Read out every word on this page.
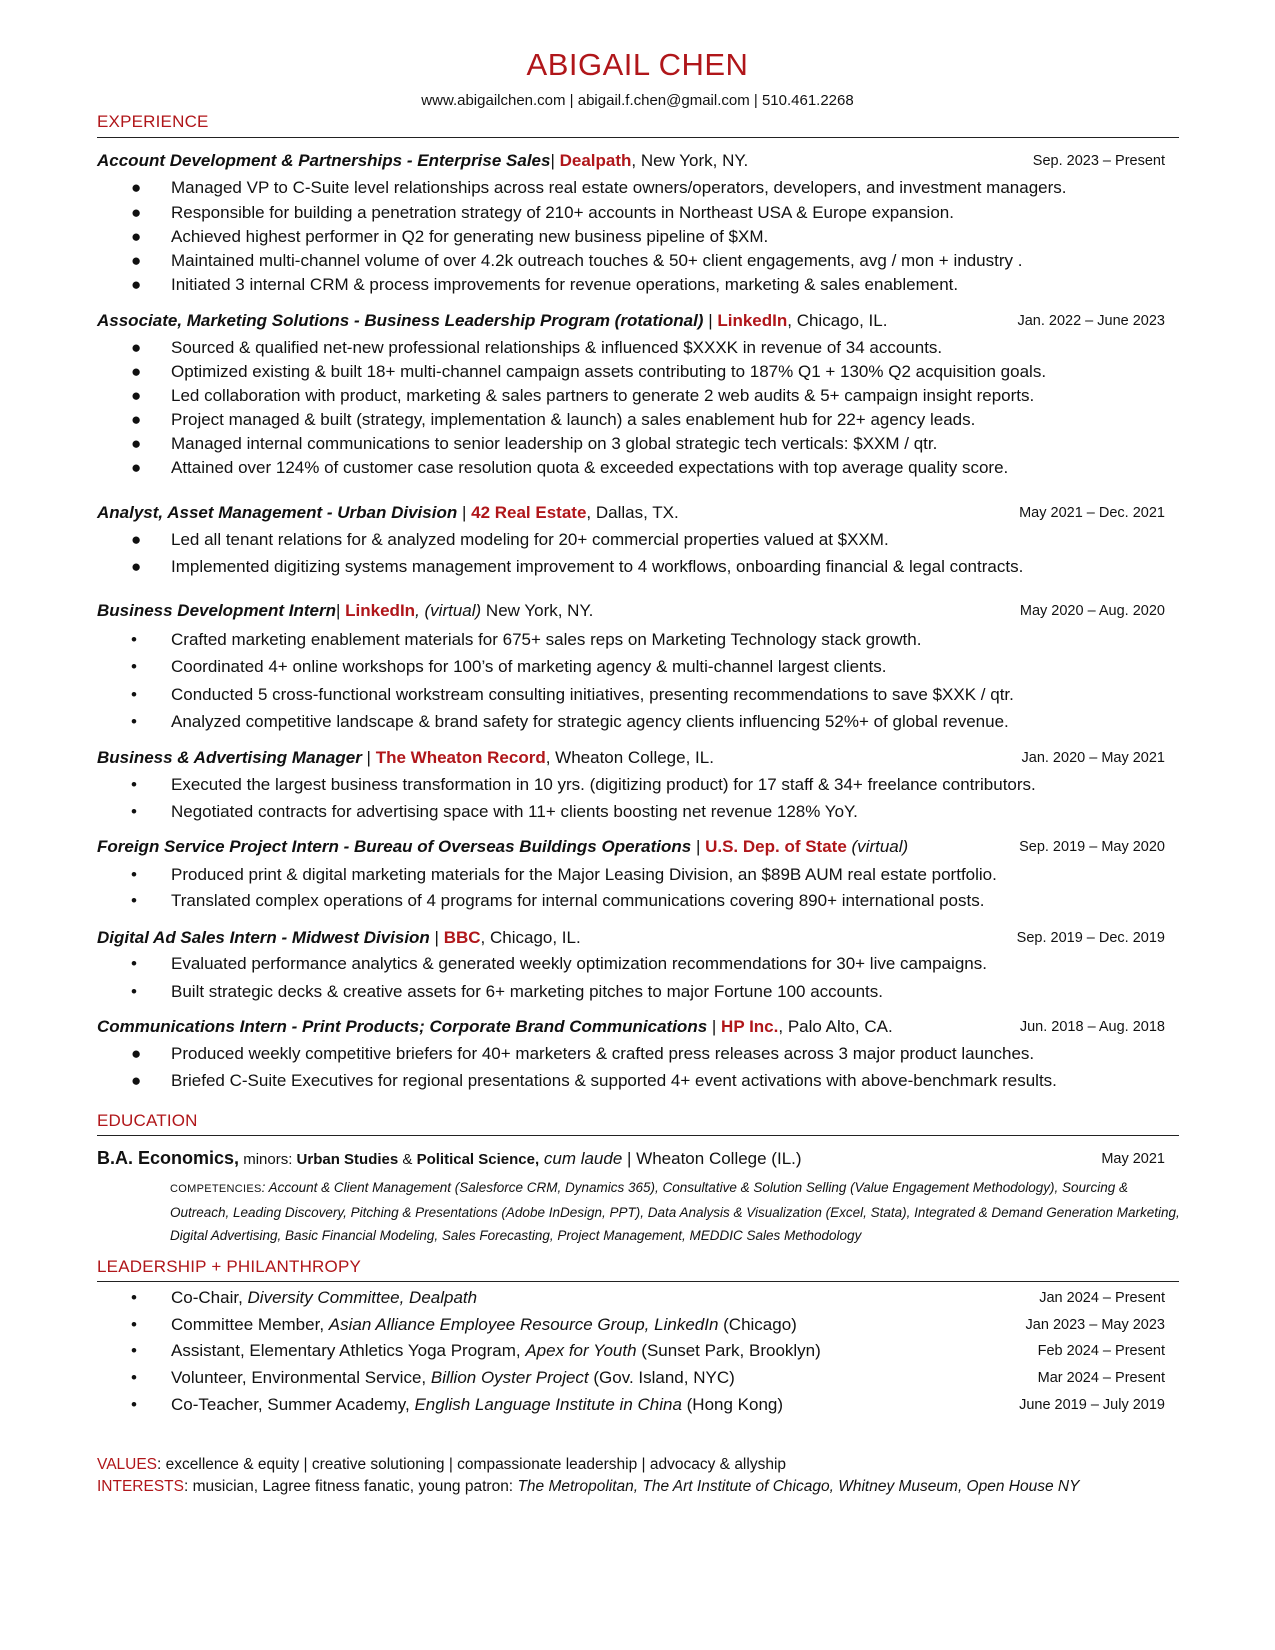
ABIGAIL CHEN
www.abigailchen.com | abigail.f.chen@gmail.com | 510.461.2268
EXPERIENCE
Account Development & Partnerships - Enterprise Sales| Dealpath, New York, NY.	Sep. 2023 – Present
● Managed VP to C-Suite level relationships across real estate owners/operators, developers, and investment managers.
● Responsible for building a penetration strategy of 210+ accounts in Northeast USA & Europe expansion.
● Achieved highest performer in Q2 for generating new business pipeline of $XM.
● Maintained multi-channel volume of over 4.2k outreach touches & 50+ client engagements, avg / mon + industry .
● Initiated 3 internal CRM & process improvements for revenue operations, marketing & sales enablement.
Associate, Marketing Solutions - Business Leadership Program (rotational) | LinkedIn, Chicago, IL.	Jan. 2022 – June 2023
● Sourced & qualified net-new professional relationships & influenced $XXXK in revenue of 34 accounts.
● Optimized existing & built 18+ multi-channel campaign assets contributing to 187% Q1 + 130% Q2 acquisition goals.
● Led collaboration with product, marketing & sales partners to generate 2 web audits & 5+ campaign insight reports.
● Project managed & built (strategy, implementation & launch) a sales enablement hub for 22+ agency leads.
● Managed internal communications to senior leadership on 3 global strategic tech verticals: $XXM / qtr.
● Attained over 124% of customer case resolution quota & exceeded expectations with top average quality score.
Analyst, Asset Management - Urban Division | 42 Real Estate, Dallas, TX.	May 2021 – Dec. 2021
● Led all tenant relations for & analyzed modeling for 20+ commercial properties valued at $XXM.
● Implemented digitizing systems management improvement to 4 workflows, onboarding financial & legal contracts.
Business Development Intern| LinkedIn, (virtual) New York, NY.	May 2020 – Aug. 2020
• Crafted marketing enablement materials for 675+ sales reps on Marketing Technology stack growth.
• Coordinated 4+ online workshops for 100’s of marketing agency & multi-channel largest clients.
• Conducted 5 cross-functional workstream consulting initiatives, presenting recommendations to save $XXK / qtr.
• Analyzed competitive landscape & brand safety for strategic agency clients influencing 52%+ of global revenue.
Business & Advertising Manager | The Wheaton Record, Wheaton College, IL.	Jan. 2020 – May 2021
• Executed the largest business transformation in 10 yrs. (digitizing product) for 17 staff & 34+ freelance contributors.
• Negotiated contracts for advertising space with 11+ clients boosting net revenue 128% YoY.
Foreign Service Project Intern - Bureau of Overseas Buildings Operations | U.S. Dep. of State (virtual)	Sep. 2019 – May 2020
• Produced print & digital marketing materials for the Major Leasing Division, an $89B AUM real estate portfolio.
• Translated complex operations of 4 programs for internal communications covering 890+ international posts.
Digital Ad Sales Intern - Midwest Division | BBC, Chicago, IL.	Sep. 2019 – Dec. 2019
• Evaluated performance analytics & generated weekly optimization recommendations for 30+ live campaigns.
• Built strategic decks & creative assets for 6+ marketing pitches to major Fortune 100 accounts.
Communications Intern - Print Products; Corporate Brand Communications | HP Inc., Palo Alto, CA.	Jun. 2018 – Aug. 2018
● Produced weekly competitive briefers for 40+ marketers & crafted press releases across 3 major product launches.
● Briefed C-Suite Executives for regional presentations & supported 4+ event activations with above-benchmark results.
EDUCATION
B.A. Economics, minors: Urban Studies & Political Science, cum laude | Wheaton College (IL.)	May 2021
COMPETENCIES: Account & Client Management (Salesforce CRM, Dynamics 365), Consultative & Solution Selling (Value Engagement Methodology), Sourcing & Outreach, Leading Discovery, Pitching & Presentations (Adobe InDesign, PPT), Data Analysis & Visualization (Excel, Stata), Integrated & Demand Generation Marketing, Digital Advertising, Basic Financial Modeling, Sales Forecasting, Project Management, MEDDIC Sales Methodology
LEADERSHIP + PHILANTHROPY
• Co-Chair, Diversity Committee, Dealpath	Jan 2024 – Present
• Committee Member, Asian Alliance Employee Resource Group, LinkedIn (Chicago)	Jan 2023 – May 2023
• Assistant, Elementary Athletics Yoga Program, Apex for Youth (Sunset Park, Brooklyn)	Feb 2024 – Present
• Volunteer, Environmental Service, Billion Oyster Project (Gov. Island, NYC)	Mar 2024 – Present
• Co-Teacher, Summer Academy, English Language Institute in China (Hong Kong)	June 2019 – July 2019
VALUES: excellence & equity | creative solutioning | compassionate leadership | advocacy & allyship
INTERESTS: musician, Lagree fitness fanatic, young patron: The Metropolitan, The Art Institute of Chicago, Whitney Museum, Open House NY
